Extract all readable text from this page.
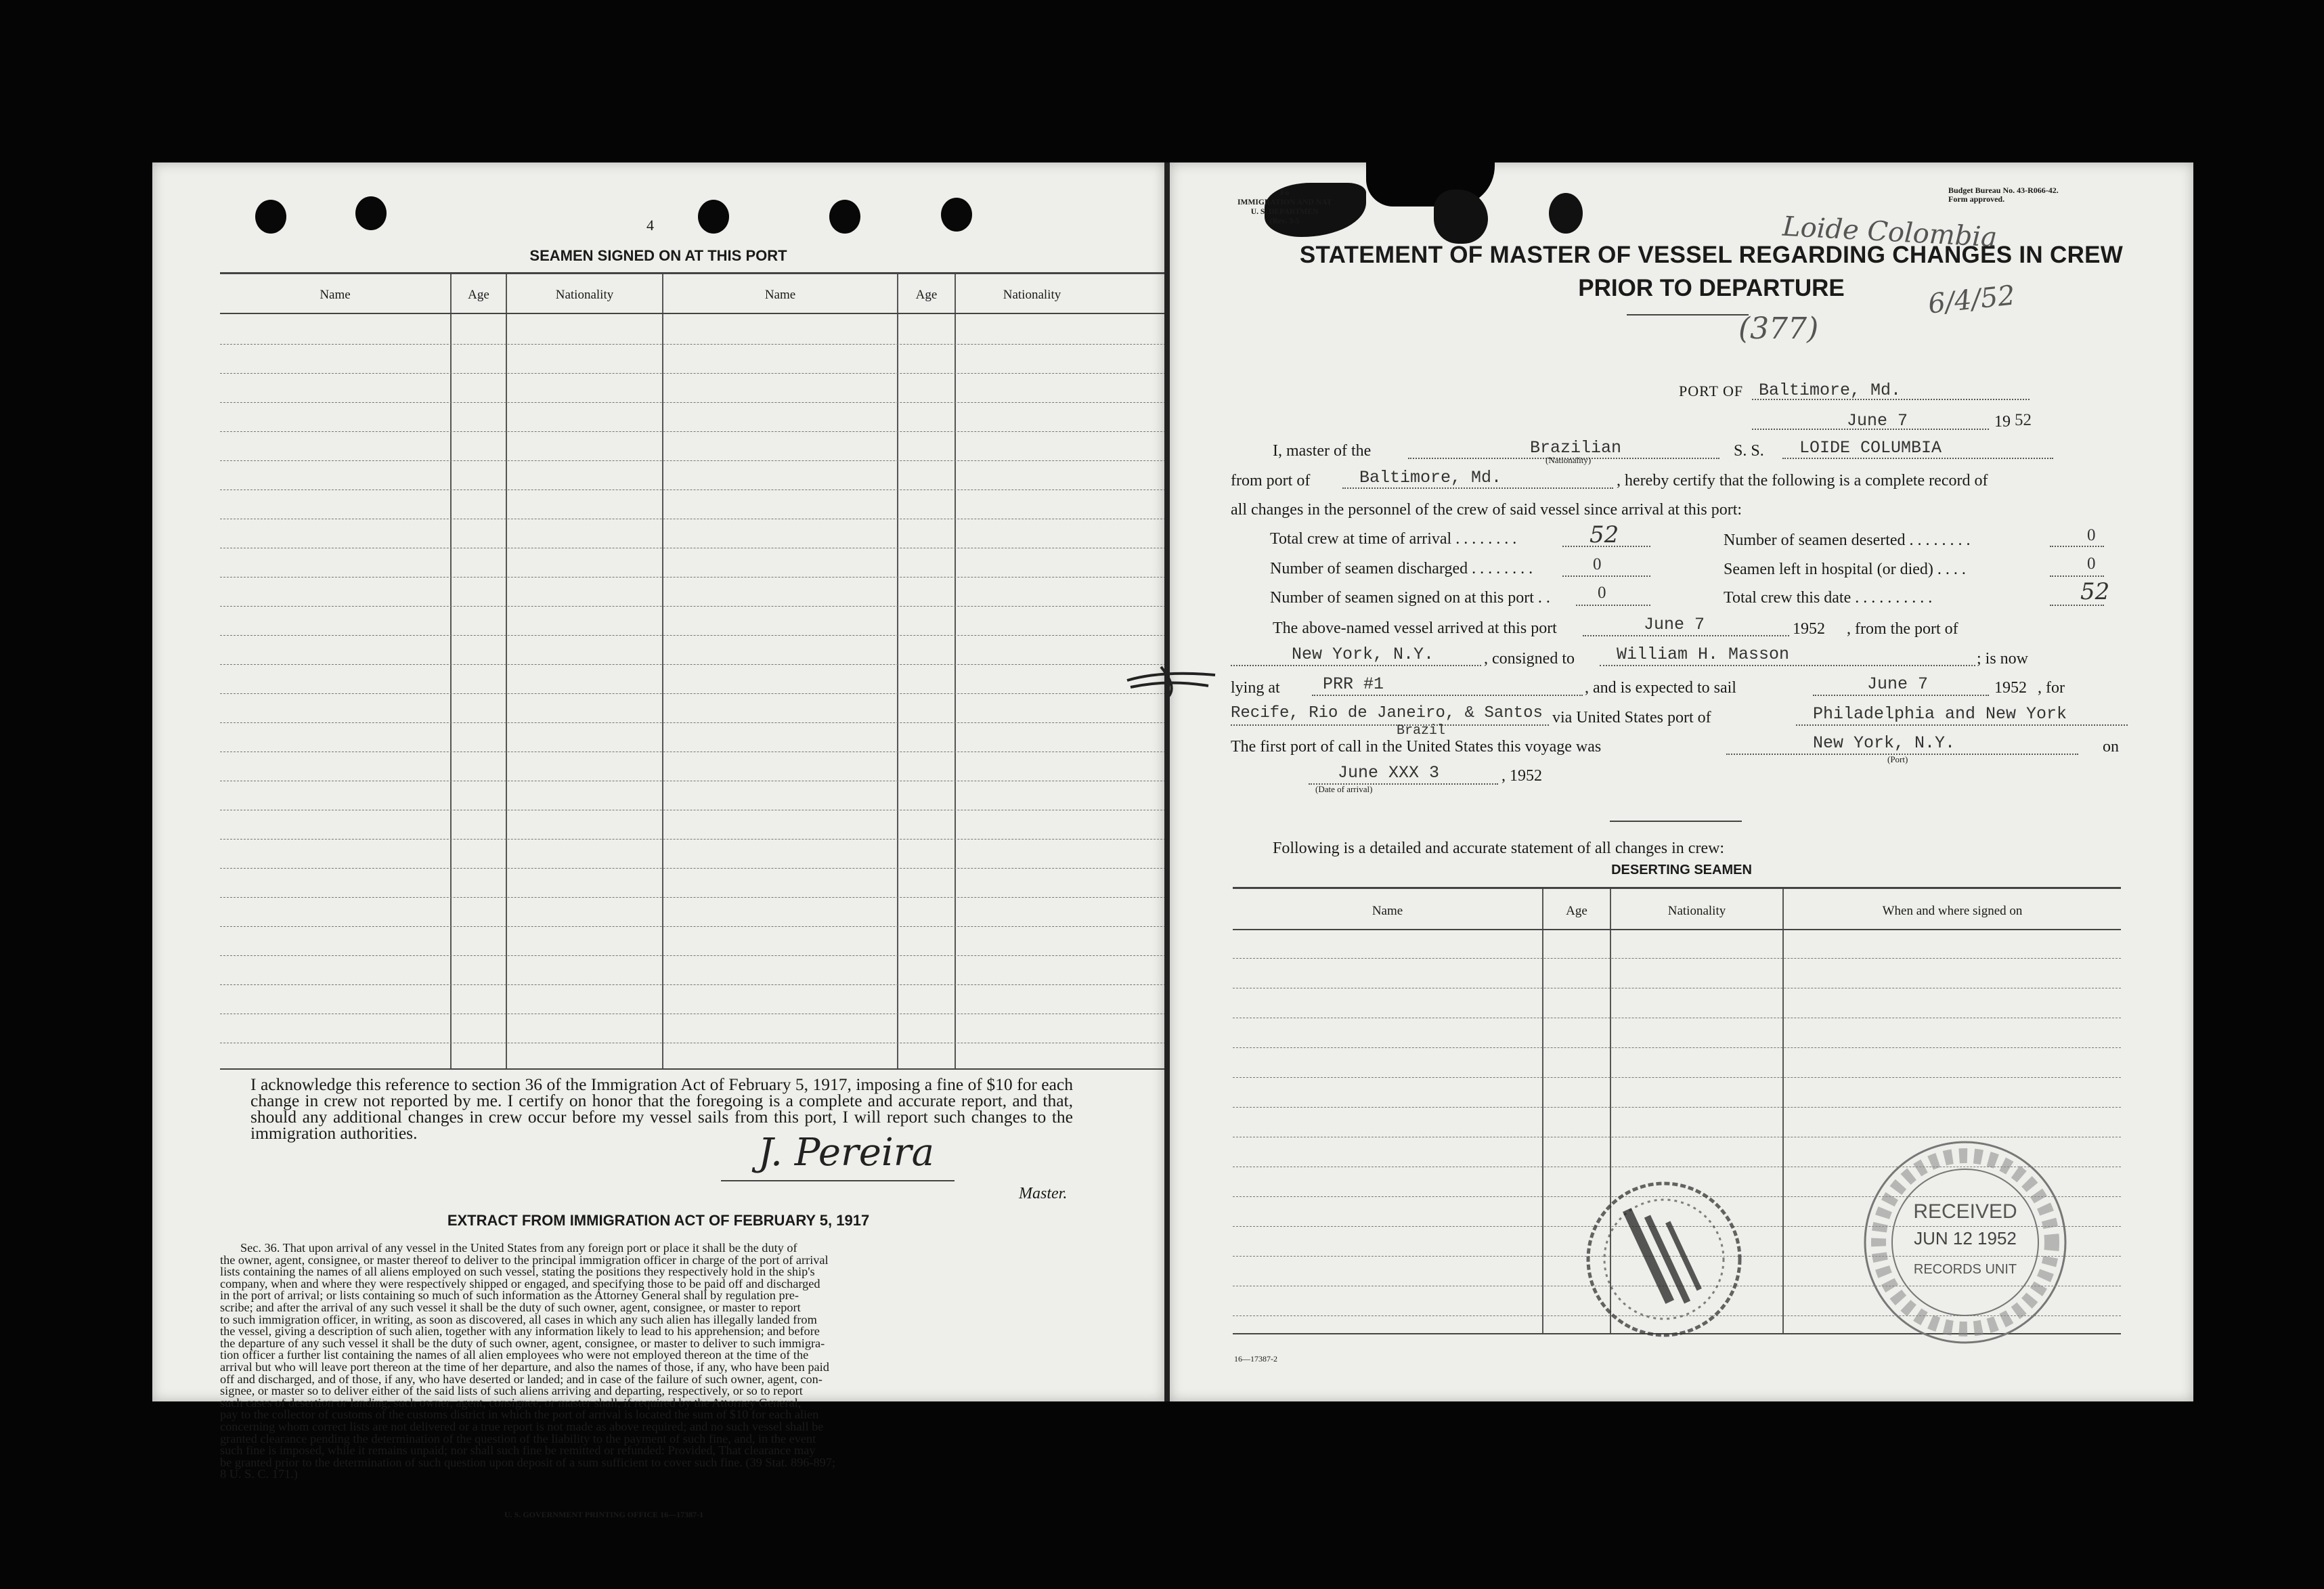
4
SEAMEN SIGNED ON AT THIS PORT
Name	Age	Nationality	Name	Age	Nationality
I acknowledge this reference to section 36 of the Immigration Act of February 5, 1917, imposing a fine of $10 for each change in crew not reported by me. I certify on honor that the foregoing is a complete and accurate report, and that, should any additional changes in crew occur before my vessel sails from this port, I will report such changes to the immigration authorities.	J. Pereira
Master.
EXTRACT FROM IMMIGRATION ACT OF FEBRUARY 5, 1917
Sec. 36. That upon arrival of any vessel in the United States from any foreign port or place it shall be the duty of
the owner, agent, consignee, or master thereof to deliver to the principal immigration officer in charge of the port of arrival
lists containing the names of all aliens employed on such vessel, stating the positions they respectively hold in the ship's
company, when and where they were respectively shipped or engaged, and specifying those to be paid off and discharged
in the port of arrival; or lists containing so much of such information as the Attorney General shall by regulation pre-
scribe; and after the arrival of any such vessel it shall be the duty of such owner, agent, consignee, or master to report
to such immigration officer, in writing, as soon as discovered, all cases in which any such alien has illegally landed from
the vessel, giving a description of such alien, together with any information likely to lead to his apprehension; and before
the departure of any such vessel it shall be the duty of such owner, agent, consignee, or master to deliver to such immigra-
tion officer a further list containing the names of all alien employees who were not employed thereon at the time of the
arrival but who will leave port thereon at the time of her departure, and also the names of those, if any, who have been paid
off and discharged, and of those, if any, who have deserted or landed; and in case of the failure of such owner, agent, con-
signee, or master so to deliver either of the said lists of such aliens arriving and departing, respectively, or so to report
such cases of desertion or landing, such owner, agent, consignee, or master shall, if required by the Attorney General,
pay to the collector of customs of the customs district in which the port of arrival is located the sum of $10 for each alien
concerning whom correct lists are not delivered or a true report is not made as above required; and no such vessel shall be
granted clearance pending the determination of the question of the liability to the payment of such fine, and, in the event
such fine is imposed, while it remains unpaid; nor shall such fine be remitted or refunded: Provided, That clearance may
be granted prior to the determination of such question upon deposit of a sum sufficient to cover such fine. (39 Stat. 896-897;
8 U. S. C. 171.)
U. S. GOVERNMENT PRINTING OFFICE 16—17387-1
Fo
IMMIGRATION AND NAT
U. S. DEPARTMEN
(Rev. 3-5
Budget Bureau No. 43-R066-42.
Form approved.
Loide Colombia
STATEMENT OF MASTER OF VESSEL REGARDING CHANGES IN CREW
PRIOR TO DEPARTURE
(377)
6/4/52
PORT OF Baltimore, Md.
June 7	19 52
I, master of the	Brazilian
(Nationality)
S. S. LOIDE COLUMBIA
from port of	Baltimore, Md.	, hereby certify that the following is a complete record of
all changes in the personnel of the crew of said vessel since arrival at this port:
Total crew at time of arrival . . . . . . . .	52	Number of seamen deserted . . . . . . . .	0
Number of seamen discharged . . . . . . . .	0	Seamen left in hospital (or died) . . . .	0
Number of seamen signed on at this port . .	0	Total crew this date . . . . . . . . . .	52
The above-named vessel arrived at this port	June 7	1952 , from the port of
New York, N.Y.	, consigned to William H. Masson	; is now
lying at	PRR #1	, and is expected to sail	June 7	1952 , for
Recife, Rio de Janeiro, & Santos
Brazil
via United States port of	Philadelphia and New York
The first port of call in the United States this voyage was	New York, N.Y.
(Port)
on
June XXX 3	, 1952
(Date of arrival)
Following is a detailed and accurate statement of all changes in crew:
DESERTING SEAMEN
Name	Age	Nationality	When and where signed on
16—17387-2
RECEIVED
JUN 12 1952
RECORDS UNIT
